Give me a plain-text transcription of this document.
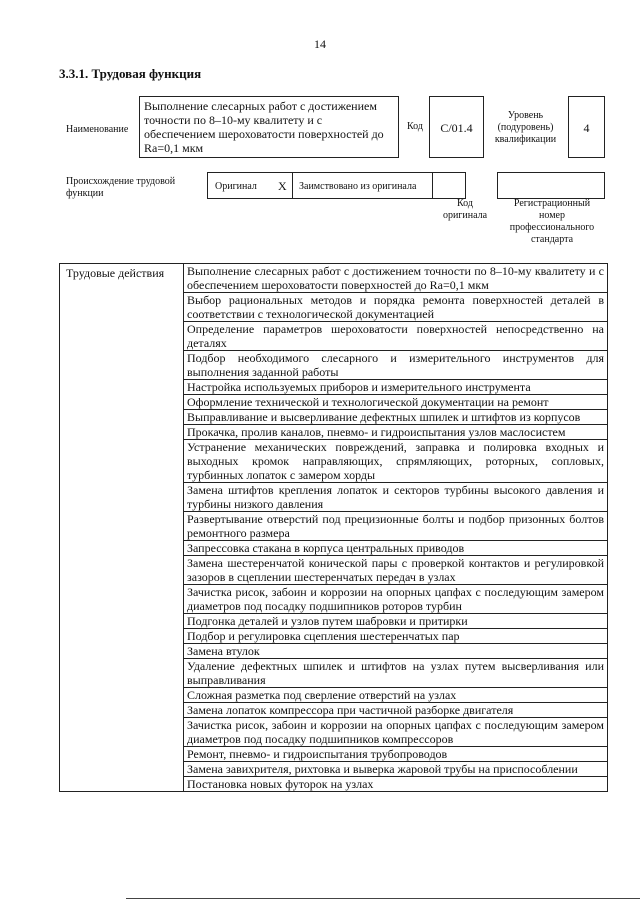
14
3.3.1. Трудовая функция
Наименование
Выполнение слесарных работ с достижением точности по 8–10-му квалитету и с обеспечением шероховатости поверхностей до Ra=0,1 мкм
Код	C/01.4
Уровень (подуровень) квалификации
4
Происхождение трудовой функции
Оригинал X Заимствовано из оригинала
Код оригинала
Регистрационный номер профессионального стандарта
Трудовые действия	Выполнение слесарных работ с достижением точности по 8–10-му квалитету и с обеспечением шероховатости поверхностей до Ra=0,1 мкм
Выбор рациональных методов и порядка ремонта поверхностей деталей в соответствии с технологической документацией
Определение параметров шероховатости поверхностей непосредственно на деталях
Подбор необходимого слесарного и измерительного инструментов для выполнения заданной работы
Настройка используемых приборов и измерительного инструмента
Оформление технической и технологической документации на ремонт
Выправливание и высверливание дефектных шпилек и штифтов из корпусов
Прокачка, пролив каналов, пневмо- и гидроиспытания узлов маслосистем
Устранение механических повреждений, заправка и полировка входных и выходных кромок направляющих, спрямляющих, роторных, сопловых, турбинных лопаток с замером хорды
Замена штифтов крепления лопаток и секторов турбины высокого давления и турбины низкого давления
Развертывание отверстий под прецизионные болты и подбор призонных болтов ремонтного размера
Запрессовка стакана в корпуса центральных приводов
Замена шестеренчатой конической пары с проверкой контактов и регулировкой зазоров в сцеплении шестеренчатых передач в узлах
Зачистка рисок, забоин и коррозии на опорных цапфах с последующим замером диаметров под посадку подшипников роторов турбин
Подгонка деталей и узлов путем шабровки и притирки
Подбор и регулировка сцепления шестеренчатых пар
Замена втулок
Удаление дефектных шпилек и штифтов на узлах путем высверливания или выправливания
Сложная разметка под сверление отверстий на узлах
Замена лопаток компрессора при частичной разборке двигателя
Зачистка рисок, забоин и коррозии на опорных цапфах с последующим замером диаметров под посадку подшипников компрессоров
Ремонт, пневмо- и гидроиспытания трубопроводов
Замена завихрителя, рихтовка и выверка жаровой трубы на приспособлении
Постановка новых футорок на узлах
